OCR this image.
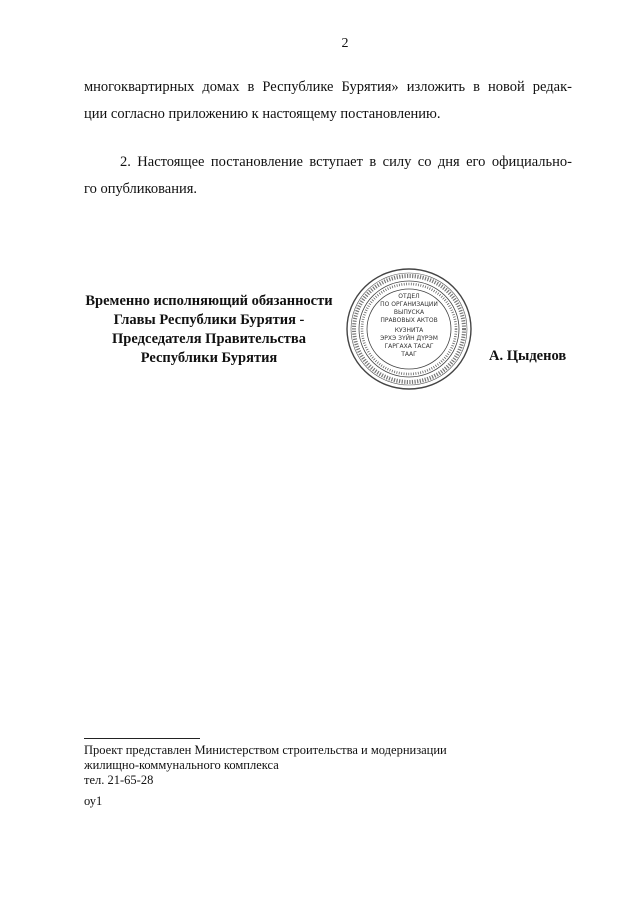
2
многоквартирных домах в Республике Бурятия» изложить в новой редак-
ции согласно приложению к настоящему постановлению.
2. Настоящее постановление вступает в силу со дня его официально-
го опубликования.
Временно исполняющий обязанности
Главы Республики Бурятия -
Председателя Правительства
Республики Бурятия
ОТДЕЛ
ПО ОРГАНИЗАЦИИ
ВЫПУСКА
ПРАВОВЫХ АКТОВ
КУЗНИТА
ЭРХЭ ЗҮЙН ДҮРЭМ
ГАРГАХА ТАСАГ
ТААГ	А. Цыденов
Проект представлен Министерством строительства и модернизации
жилищно-коммунального комплекса
тел. 21-65-28
оу1
